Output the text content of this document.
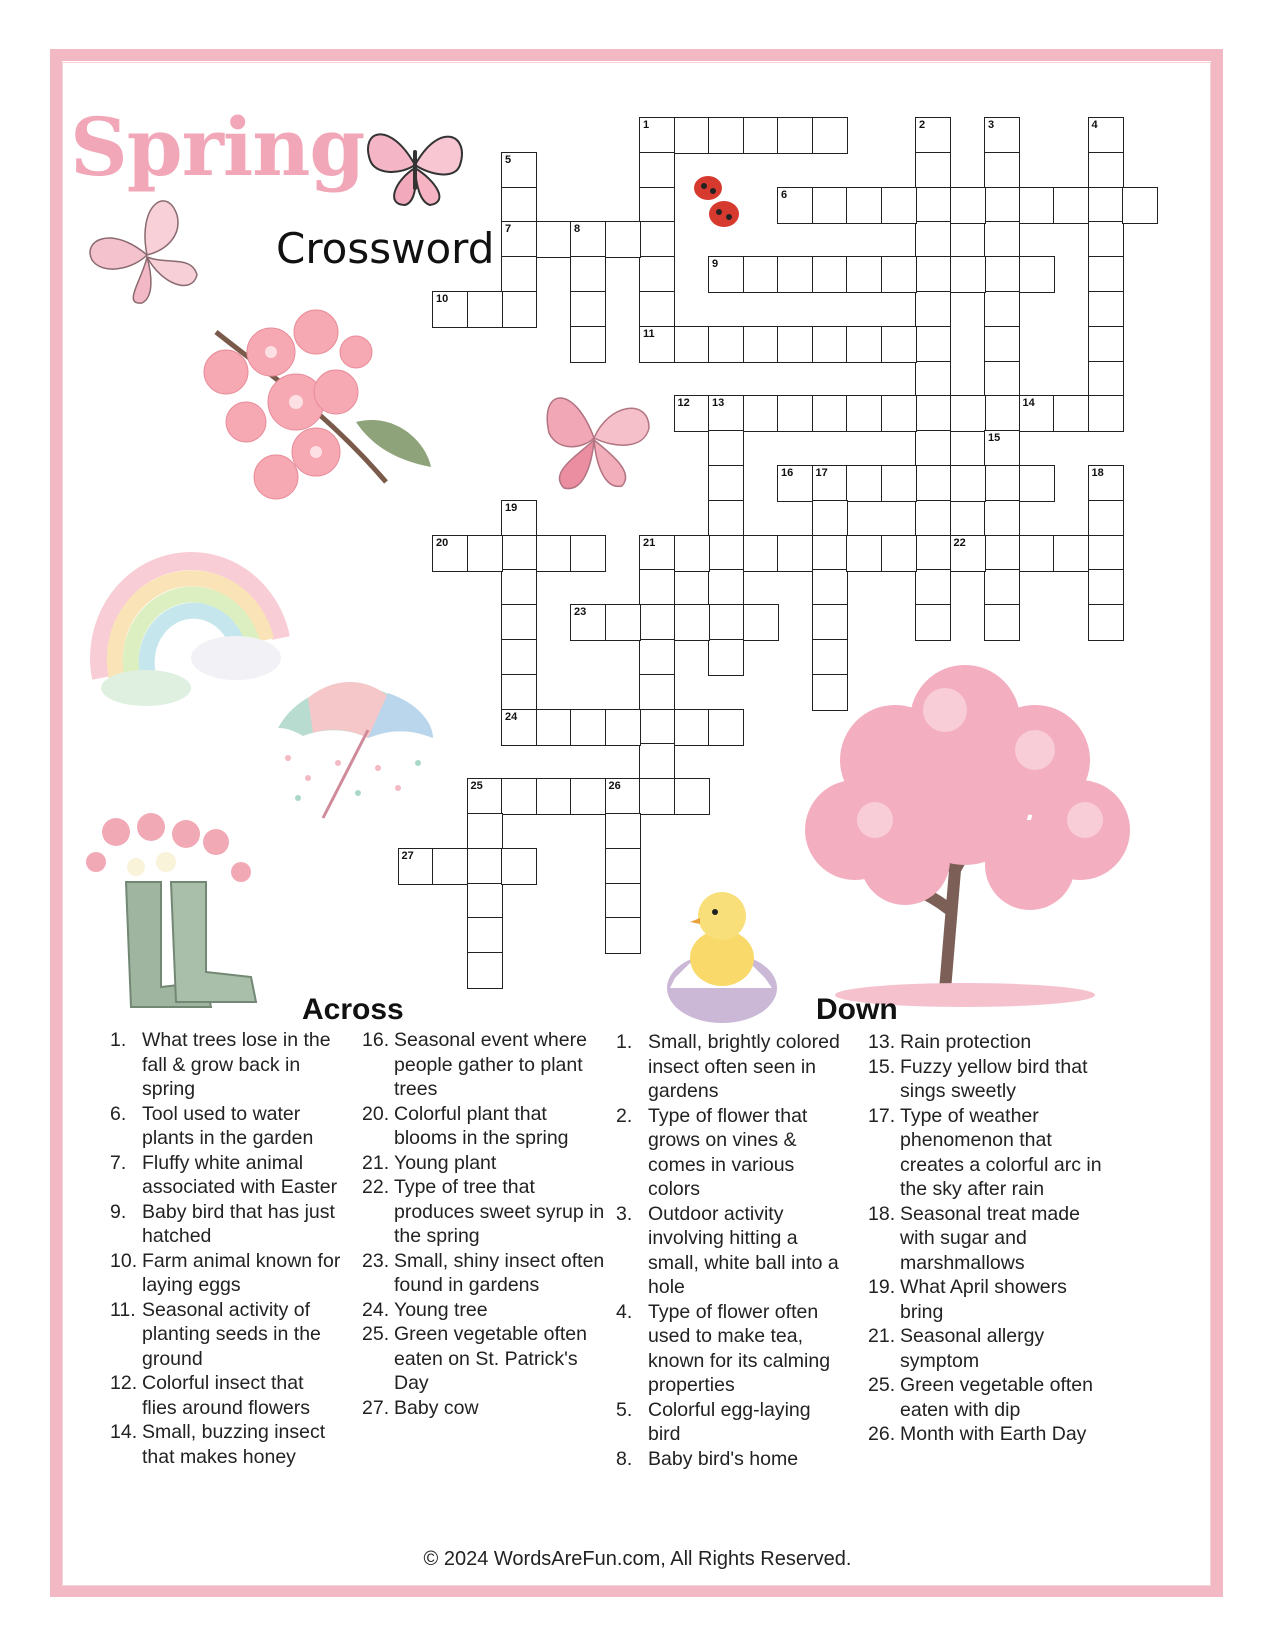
Spring
Crossword
1
11
2	3	4
5
7
6
8
9
10
12 13	14
15
16 17	18
19
20	21	22
23
24
25	26
27
Across	Down
1. What trees lose in the fall & grow back in spring
6. Tool used to water plants in the garden
7. Fluffy white animal associated with Easter
9. Baby bird that has just hatched
10. Farm animal known for laying eggs
11. Seasonal activity of planting seeds in the ground
12. Colorful insect that flies around flowers
14. Small, buzzing insect that makes honey
16. Seasonal event where people gather to plant trees
20. Colorful plant that blooms in the spring
21. Young plant
22. Type of tree that produces sweet syrup in the spring
23. Small, shiny insect often found in gardens
24. Young tree
25. Green vegetable often eaten on St. Patrick's Day
27. Baby cow
1. Small, brightly colored insect often seen in gardens
2. Type of flower that grows on vines & comes in various colors
3. Outdoor activity involving hitting a small, white ball into a hole
4. Type of flower often used to make tea, known for its calming properties
5. Colorful egg-laying bird
8. Baby bird's home
13. Rain protection
15. Fuzzy yellow bird that sings sweetly
17. Type of weather phenomenon that creates a colorful arc in the sky after rain
18. Seasonal treat made with sugar and marshmallows
19. What April showers bring
21. Seasonal allergy symptom
25. Green vegetable often eaten with dip
26. Month with Earth Day
© 2024 WordsAreFun.com, All Rights Reserved.
